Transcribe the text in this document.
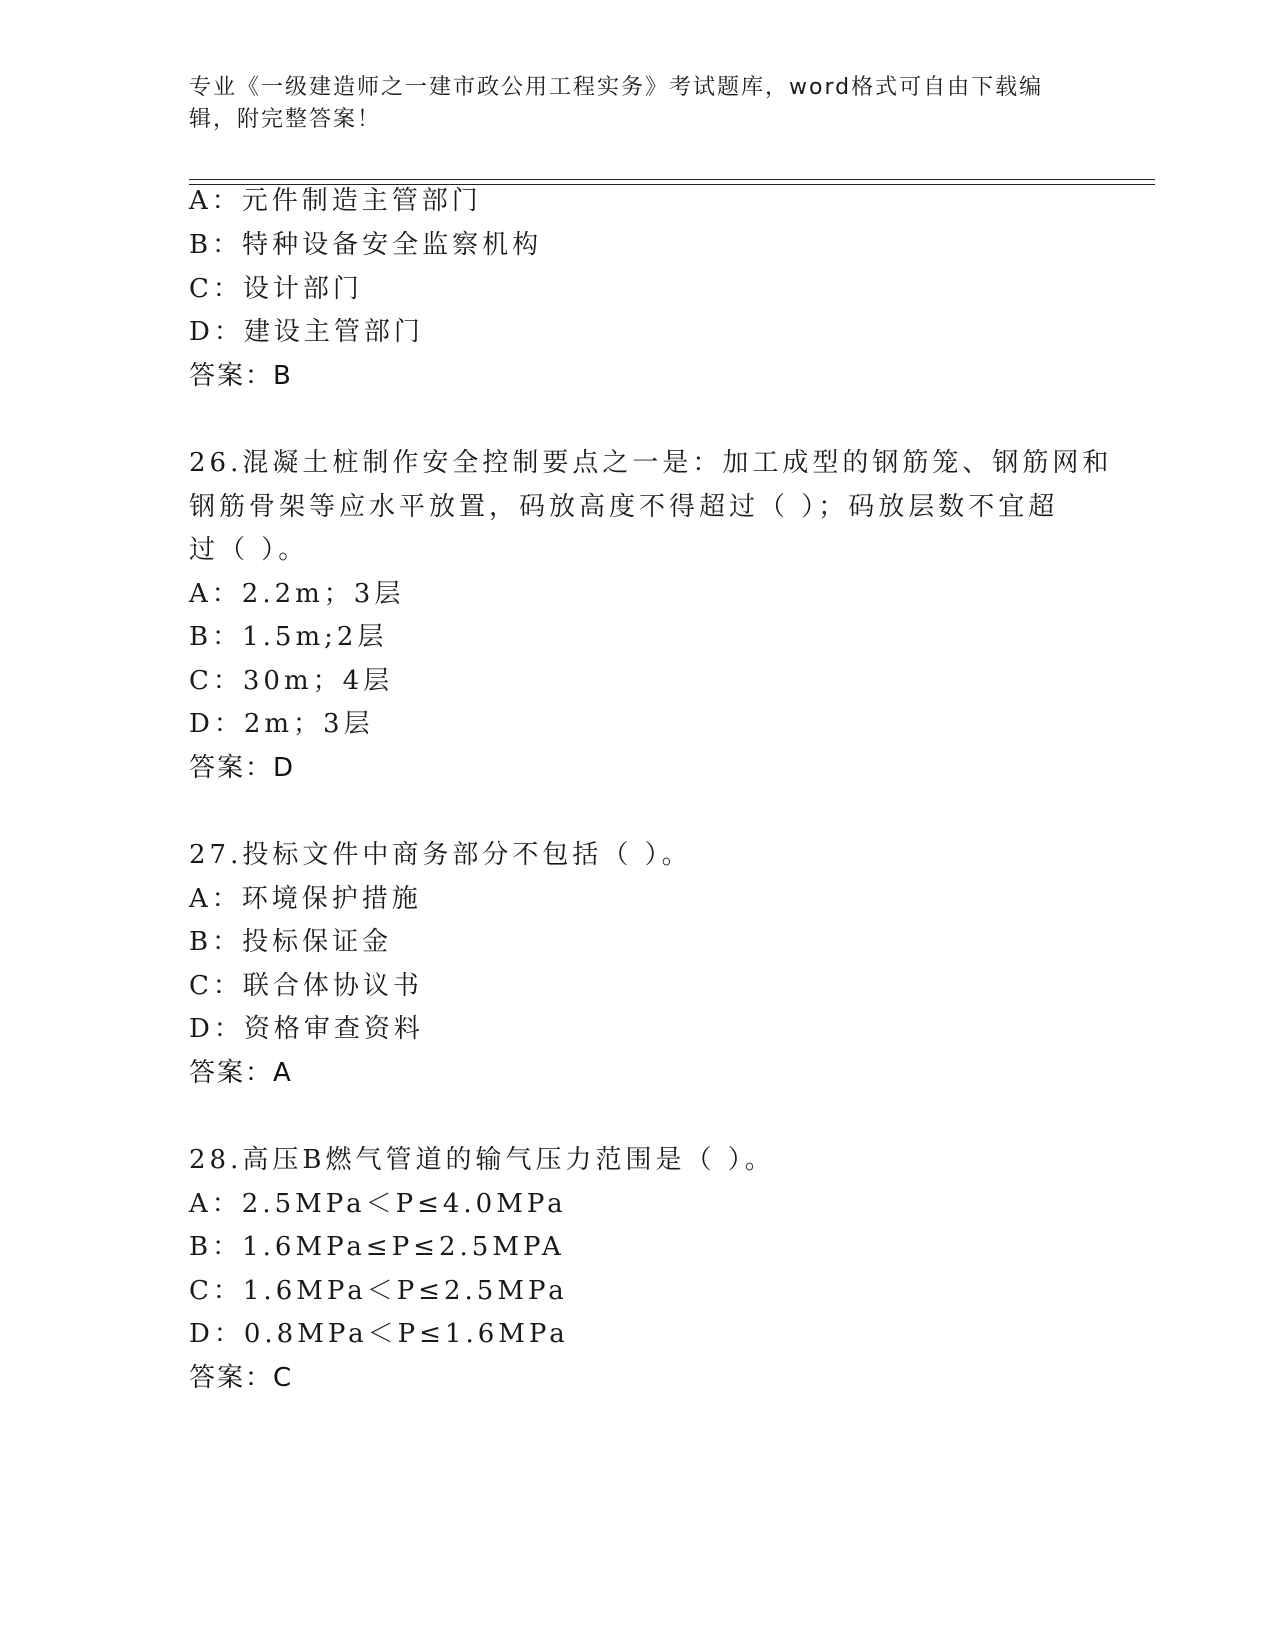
专业《一级建造师之一建市政公用工程实务》考试题库，word格式可自由下载编
辑，附完整答案！
A：元件制造主管部门
B：特种设备安全监察机构
C：设计部门
D：建设主管部门
答案：B
26.混凝土桩制作安全控制要点之一是：加工成型的钢筋笼、钢筋网和
钢筋骨架等应水平放置，码放高度不得超过（ ）；码放层数不宜超
过（ ）。
A：2.2m；3层
B：1.5m;2层
C：30m；4层
D：2m；3层
答案：D
27.投标文件中商务部分不包括（ ）。
A：环境保护措施
B：投标保证金
C：联合体协议书
D：资格审查资料
答案：A
28.高压B燃气管道的输气压力范围是（ ）。
A：2.5MPa＜P≤4.0MPa
B：1.6MPa≤P≤2.5MPA
C：1.6MPa＜P≤2.5MPa
D：0.8MPa＜P≤1.6MPa
答案：C
